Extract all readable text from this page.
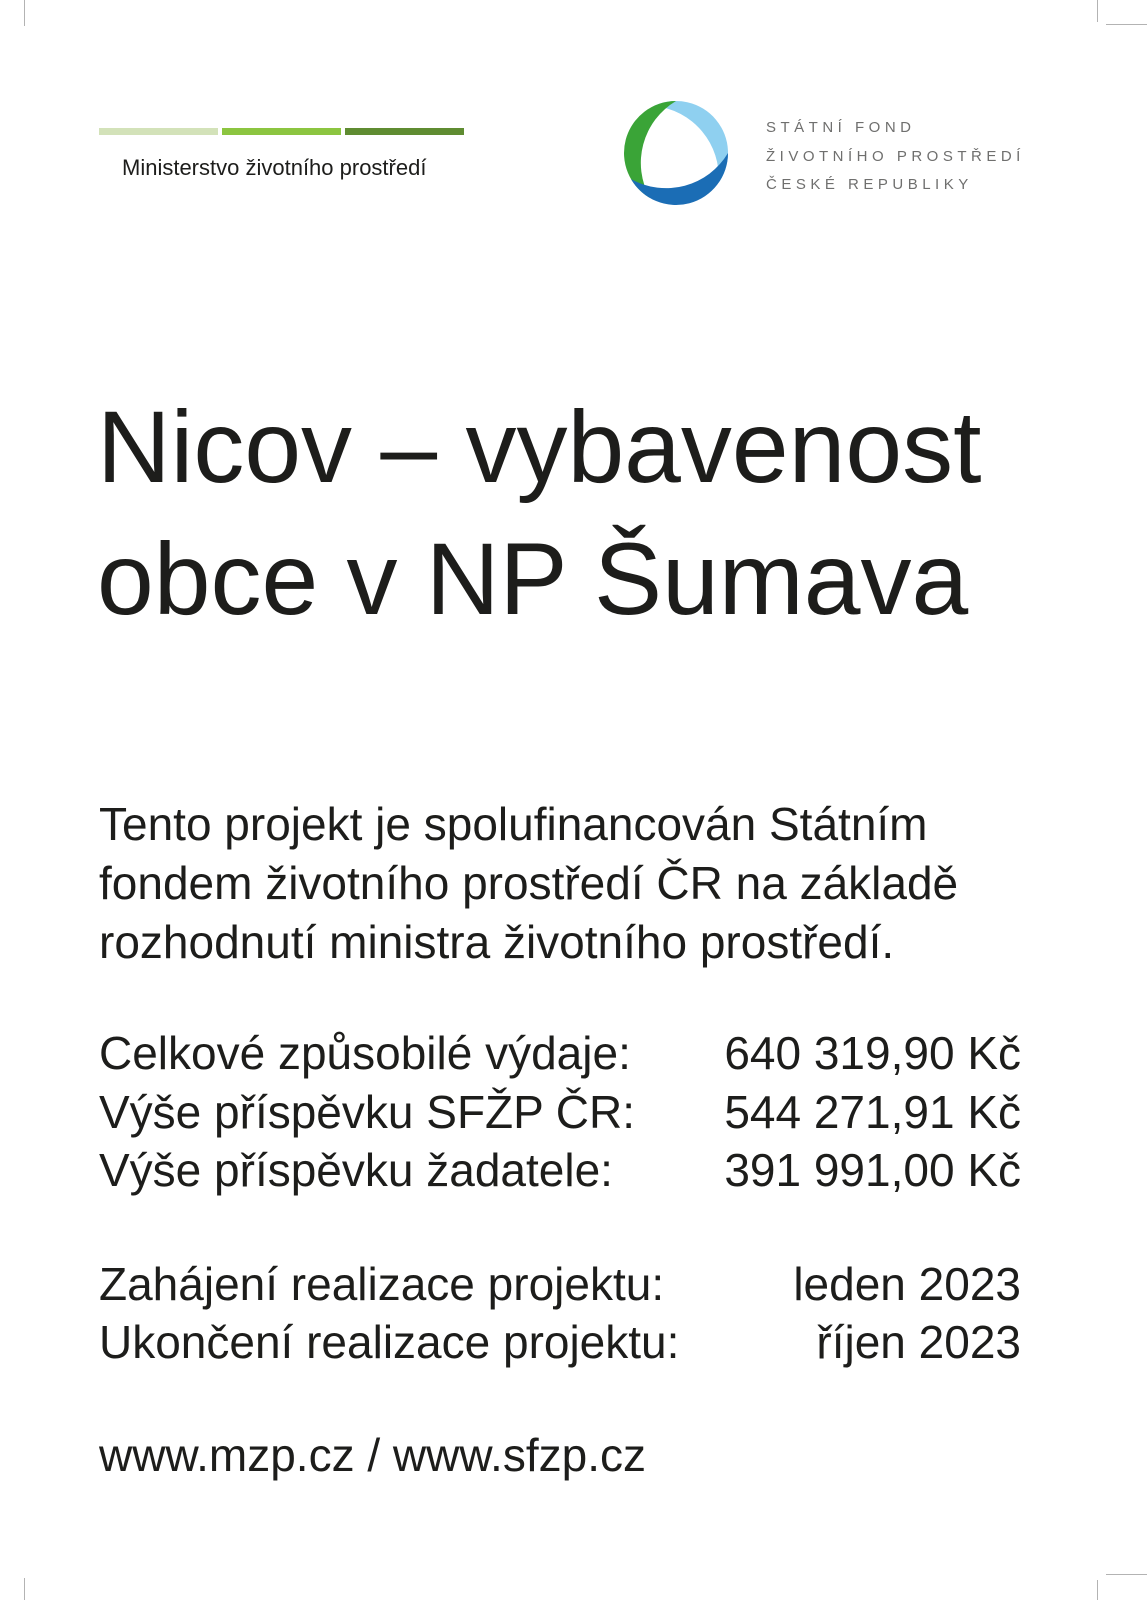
Ministerstvo životního prostředí
STÁTNÍ FOND
ŽIVOTNÍHO PROSTŘEDÍ
ČESKÉ REPUBLIKY
Nicov – vybavenost
obce v NP Šumava
Tento projekt je spolufinancován Státním
fondem životního prostředí ČR na základě
rozhodnutí ministra životního prostředí.
Celkové způsobilé výdaje: 640 319,90 Kč
Výše příspěvku SFŽP ČR: 544 271,91 Kč
Výše příspěvku žadatele: 391 991,00 Kč
Zahájení realizace projektu:	leden 2023
Ukončení realizace projektu:	říjen 2023
www.mzp.cz / www.sfzp.cz
